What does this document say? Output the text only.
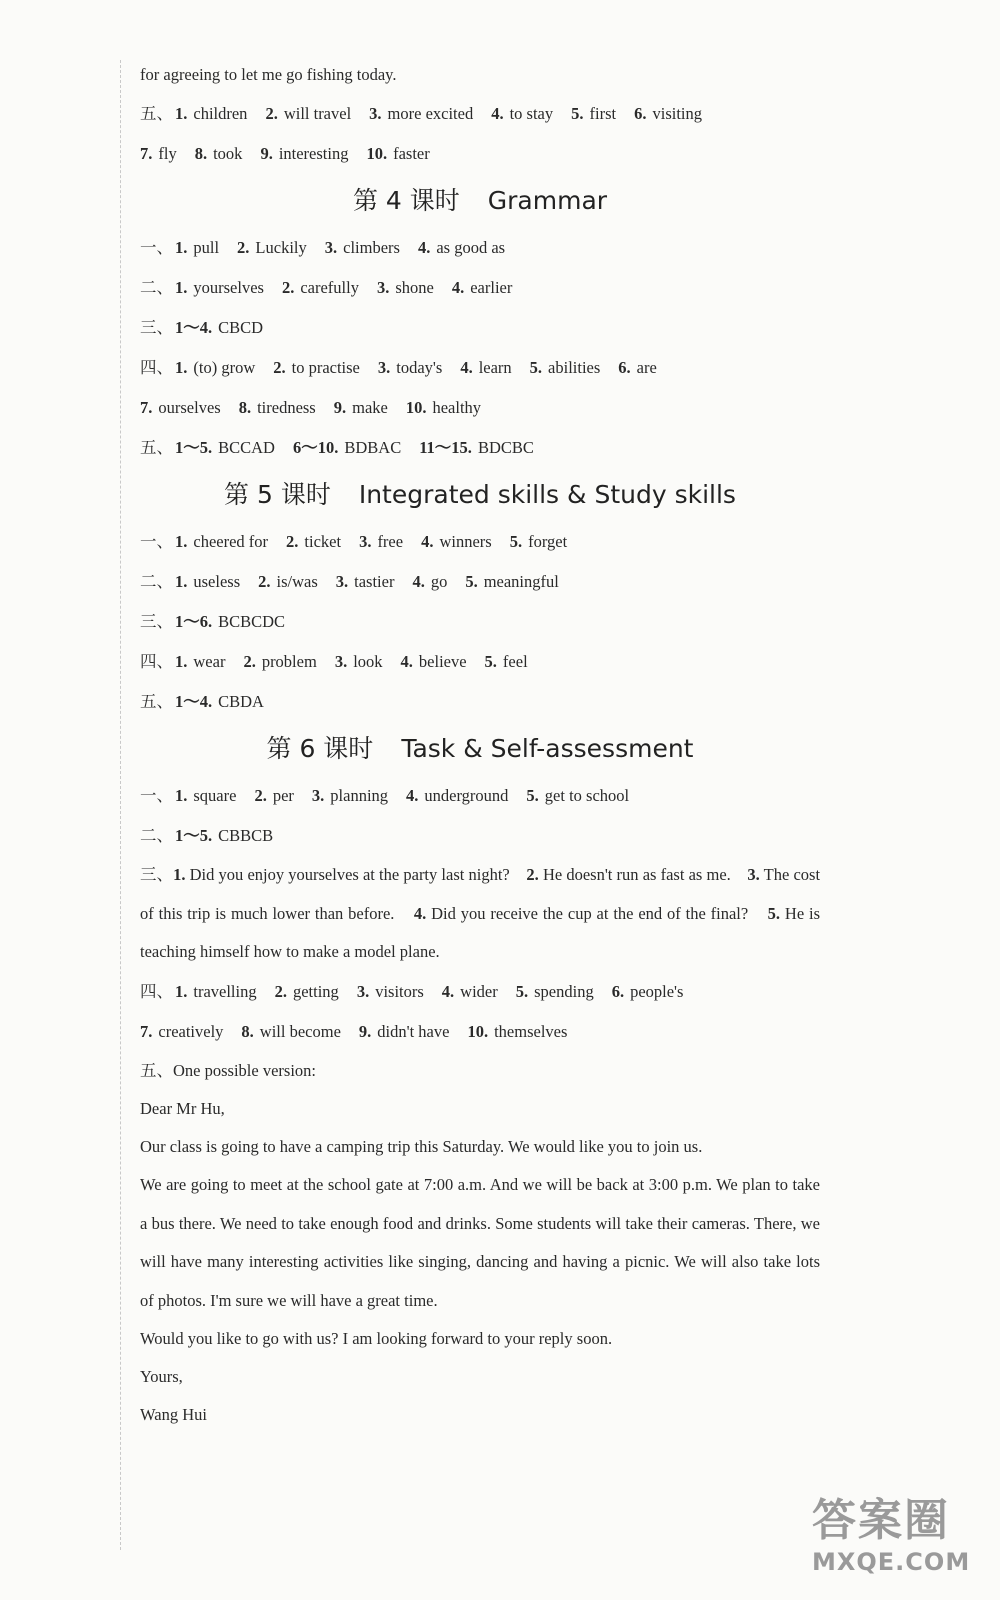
for agreeing to let me go fishing today.
五、 1. children 2. will travel 3. more excited 4. to stay 5. first 6. visiting
7. fly 8. took 9. interesting 10. faster
第 4 课时 Grammar
一、 1. pull 2. Luckily 3. climbers 4. as good as
二、 1. yourselves 2. carefully 3. shone 4. earlier
三、 1～4. CBCD
四、 1. (to) grow 2. to practise 3. today's 4. learn 5. abilities 6. are
7. ourselves 8. tiredness 9. make 10. healthy
五、 1～5. BCCAD 6～10. BDBAC 11～15. BDCBC
第 5 课时 Integrated skills & Study skills
一、 1. cheered for 2. ticket 3. free 4. winners 5. forget
二、 1. useless 2. is/was 3. tastier 4. go 5. meaningful
三、 1～6. BCBCDC
四、 1. wear 2. problem 3. look 4. believe 5. feel
五、 1～4. CBDA
第 6 课时 Task & Self-assessment
一、 1. square 2. per 3. planning 4. underground 5. get to school
二、 1～5. CBBCB
三、1. Did you enjoy yourselves at the party last night? 2. He doesn't run as fast as me. 3. The cost of this trip is much lower than before. 4. Did you receive the cup at the end of the final? 5. He is teaching himself how to make a model plane.
四、 1. travelling 2. getting 3. visitors 4. wider 5. spending 6. people's
7. creatively 8. will become 9. didn't have 10. themselves
五、One possible version:
Dear Mr Hu,
Our class is going to have a camping trip this Saturday. We would like you to join us.
We are going to meet at the school gate at 7:00 a.m. And we will be back at 3:00 p.m. We plan to take a bus there. We need to take enough food and drinks. Some students will take their cameras. There, we will have many interesting activities like singing, dancing and having a picnic. We will also take lots of photos. I'm sure we will have a great time.
Would you like to go with us? I am looking forward to your reply soon.
Yours,
Wang Hui
答案圈
MXQE.COM
